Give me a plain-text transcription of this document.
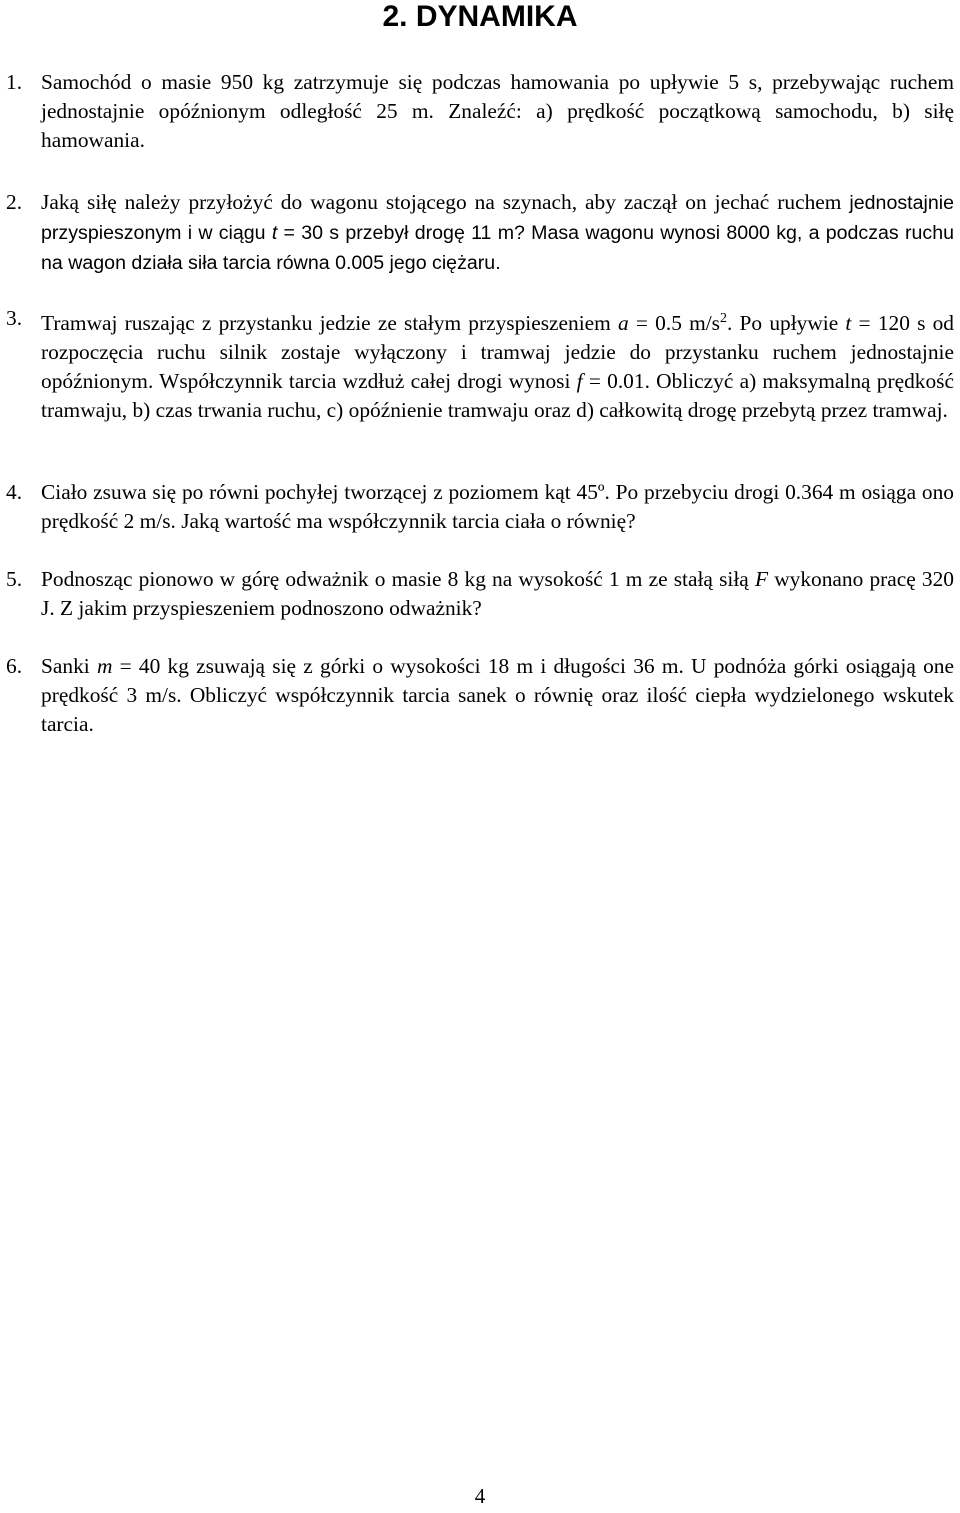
2. DYNAMIKA
1. Samochód o masie 950 kg zatrzymuje się podczas hamowania po upływie 5 s, przebywając ruchem jednostajnie opóźnionym odległość 25 m. Znaleźć: a) prędkość początkową samochodu, b) siłę hamowania.
2. Jaką siłę należy przyłożyć do wagonu stojącego na szynach, aby zaczął on jechać ruchem jednostajnie przyspieszonym i w ciągu t = 30 s przebył drogę 11 m? Masa wagonu wynosi 8000 kg, a podczas ruchu na wagon działa siła tarcia równa 0.005 jego ciężaru.
3. Tramwaj ruszając z przystanku jedzie ze stałym przyspieszeniem a = 0.5 $m/s^2$. Po upływie t = 120 s od rozpoczęcia ruchu silnik zostaje wyłączony i tramwaj jedzie do przystanku ruchem jednostajnie opóźnionym. Współczynnik tarcia wzdłuż całej drogi wynosi f = 0.01. Obliczyć a) maksymalną prędkość tramwaju, b) czas trwania ruchu, c) opóźnienie tramwaju oraz d) całkowitą drogę przebytą przez tramwaj.
4. Ciało zsuwa się po równi pochyłej tworzącej z poziomem kąt 45º. Po przebyciu drogi 0.364 m osiąga ono prędkość 2 m/s. Jaką wartość ma współczynnik tarcia ciała o równię?
5. Podnosząc pionowo w górę odważnik o masie 8 kg na wysokość 1 m ze stałą siłą F wykonano pracę 320 J. Z jakim przyspieszeniem podnoszono odważnik?
6. Sanki m = 40 kg zsuwają się z górki o wysokości 18 m i długości 36 m. U podnóża górki osiągają one prędkość 3 m/s. Obliczyć współczynnik tarcia sanek o równię oraz ilość ciepła wydzielonego wskutek tarcia.
4
